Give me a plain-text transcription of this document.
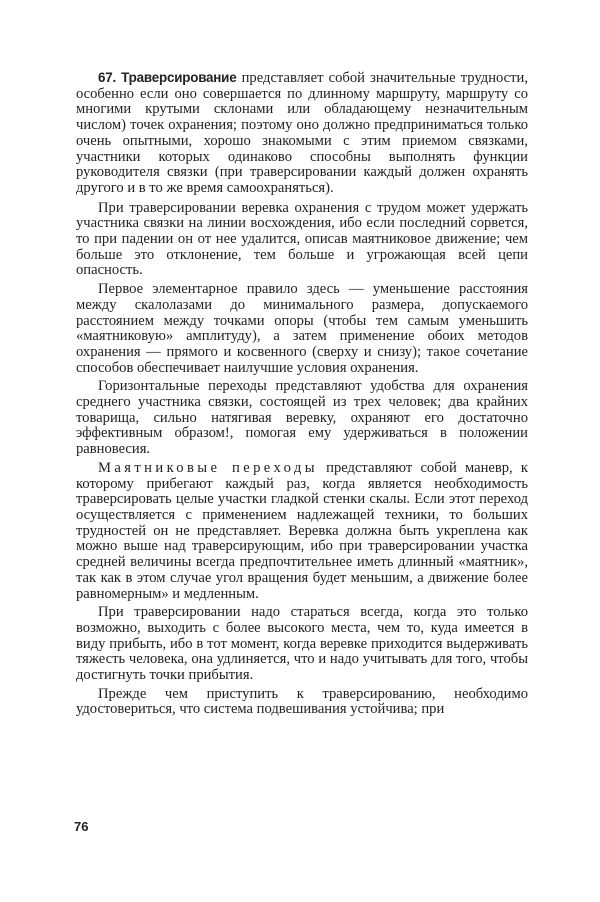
67. Траверсирование представляет собой значительные трудности, особенно если оно совершается по длинному маршруту, маршруту со многими крутыми склонами или обладающему незначительным числом) точек охранения; поэтому оно должно предприниматься только очень опытными, хорошо знакомыми с этим приемом связками, участники которых одинаково способны выполнять функции руководителя связки (при траверсировании каждый должен охранять другого и в то же время самоохраняться).

При траверсировании веревка охранения с трудом может удержать участника связки на линии восхождения, ибо если последний сорвется, то при падении он от нее удалится, описав маятниковое движение; чем больше это отклонение, тем больше и угрожающая всей цепи опасность.

Первое элементарное правило здесь — уменьшение расстояния между скалолазами до минимального размера, допускаемого расстоянием между точками опоры (чтобы тем самым уменьшить «маятниковую» амплитуду), а затем применение обоих методов охранения — прямого и косвенного (сверху и снизу); такое сочетание способов обеспечивает наилучшие условия охранения.

Горизонтальные переходы представляют удобства для охранения среднего участника связки, состоящей из трех человек; два крайних товарища, сильно натягивая веревку, охраняют его достаточно эффективным образом!, помогая ему удерживаться в положении равновесия.

Маятниковые переходы представляют собой маневр, к которому прибегают каждый раз, когда является необходимость траверсировать целые участки гладкой стенки скалы. Если этот переход осуществляется с применением надлежащей техники, то больших трудностей он не представляет. Веревка должна быть укреплена как можно выше над траверсирующим, ибо при траверсировании участка средней величины всегда предпочтительнее иметь длинный «маятник», так как в этом случае угол вращения будет меньшим, а движение более равномерным» и медленным.

При траверсировании надо стараться всегда, когда это только возможно, выходить с более высокого места, чем то, куда имеется в виду прибыть, ибо в тот момент, когда веревке приходится выдерживать тяжесть человека, она удлиняется, что и надо учитывать для того, чтобы достигнуть точки прибытия.

Прежде чем приступить к траверсированию, необходимо удостовериться, что система подвешивания устойчива; при

76
